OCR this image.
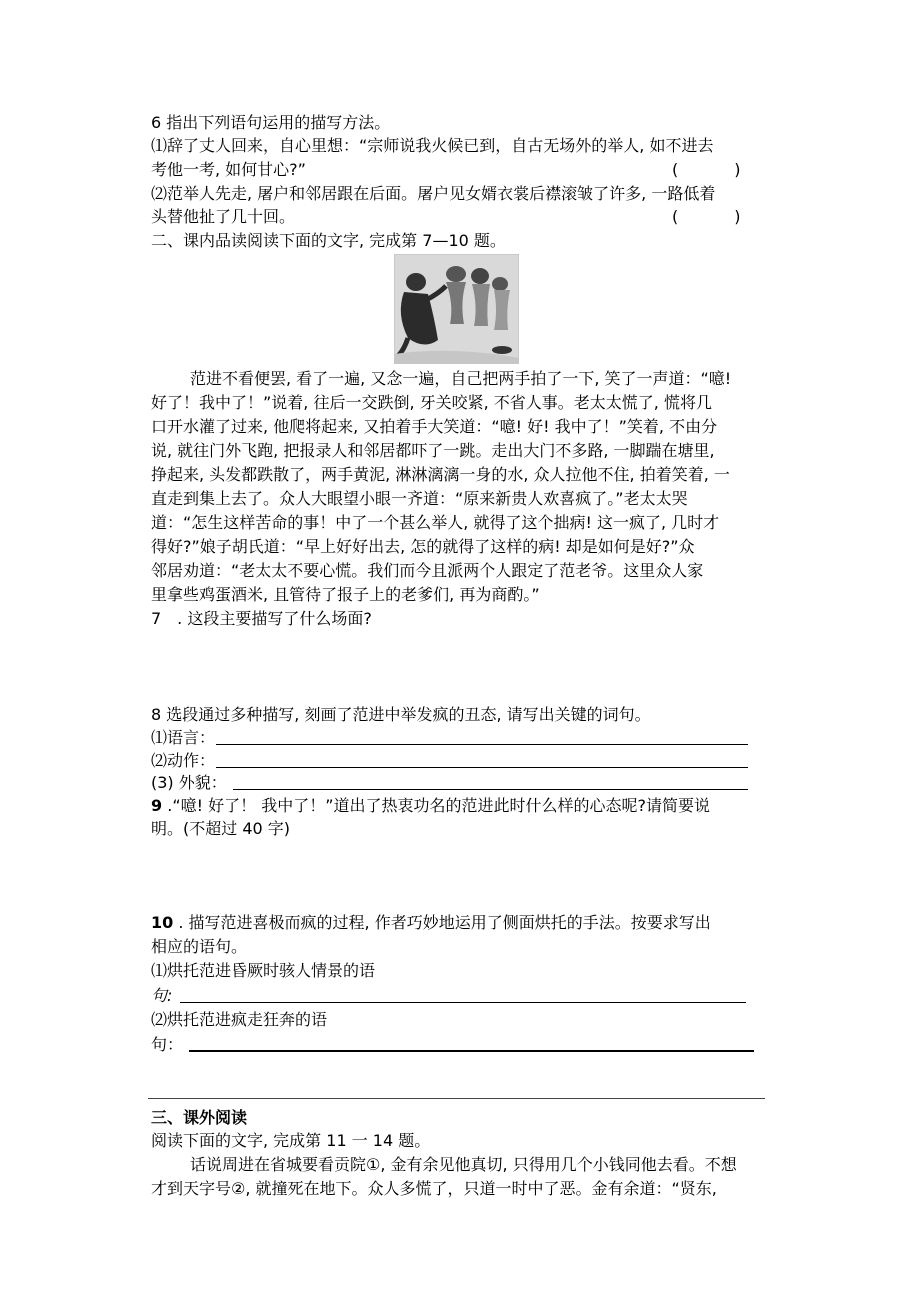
6 指出下列语句运用的描写方法。
⑴辞了丈人回来，自心里想：“宗师说我火候已到，自古无场外的举人, 如不进去
考他一考, 如何甘心?”	(           )
⑵范举人先走, 屠户和邻居跟在后面。屠户见女婿衣裳后襟滚皱了许多, 一路低着
头替他扯了几十回。	(           )
二、课内品读阅读下面的文字, 完成第 7—10 题。
范进不看便罢, 看了一遍, 又念一遍，自己把两手拍了一下, 笑了一声道：“噫!
好了！我中了！”说着, 往后一交跌倒, 牙关咬紧, 不省人事。老太太慌了, 慌将几
口开水灌了过来, 他爬将起来, 又拍着手大笑道：“噫! 好! 我中了！”笑着, 不由分
说, 就往门外飞跑, 把报录人和邻居都吓了一跳。走出大门不多路, 一脚踹在塘里,
挣起来, 头发都跌散了，两手黄泥, 淋淋漓漓一身的水, 众人拉他不住, 拍着笑着, 一
直走到集上去了。众人大眼望小眼一齐道：“原来新贵人欢喜疯了。”老太太哭
道：“怎生这样苦命的事！中了一个甚么举人, 就得了这个拙病! 这一疯了, 几时才
得好?”娘子胡氏道：“早上好好出去, 怎的就得了这样的病! 却是如何是好?”众
邻居劝道：“老太太不要心慌。我们而今且派两个人跟定了范老爷。这里众人家
里拿些鸡蛋酒米, 且管待了报子上的老爹们, 再为商酌。”
7　. 这段主要描写了什么场面?
8 选段通过多种描写, 刻画了范进中举发疯的丑态, 请写出关键的词句。
⑴语言：
⑵动作：
(3) 外貌：
9 .“噫! 好了！ 我中了！”道出了热衷功名的范进此时什么样的心态呢?请简要说
明。(不超过 40 字)
10 . 描写范进喜极而疯的过程, 作者巧妙地运用了侧面烘托的手法。按要求写出
相应的语句。
⑴烘托范进昏厥时骇人情景的语
句:
⑵烘托范进疯走狂奔的语
句：
三、课外阅读
阅读下面的文字, 完成第 11 一 14 题。
话说周进在省城要看贡院①, 金有余见他真切, 只得用几个小钱同他去看。不想
才到天字号②, 就撞死在地下。众人多慌了，只道一时中了恶。金有余道：“贤东,
